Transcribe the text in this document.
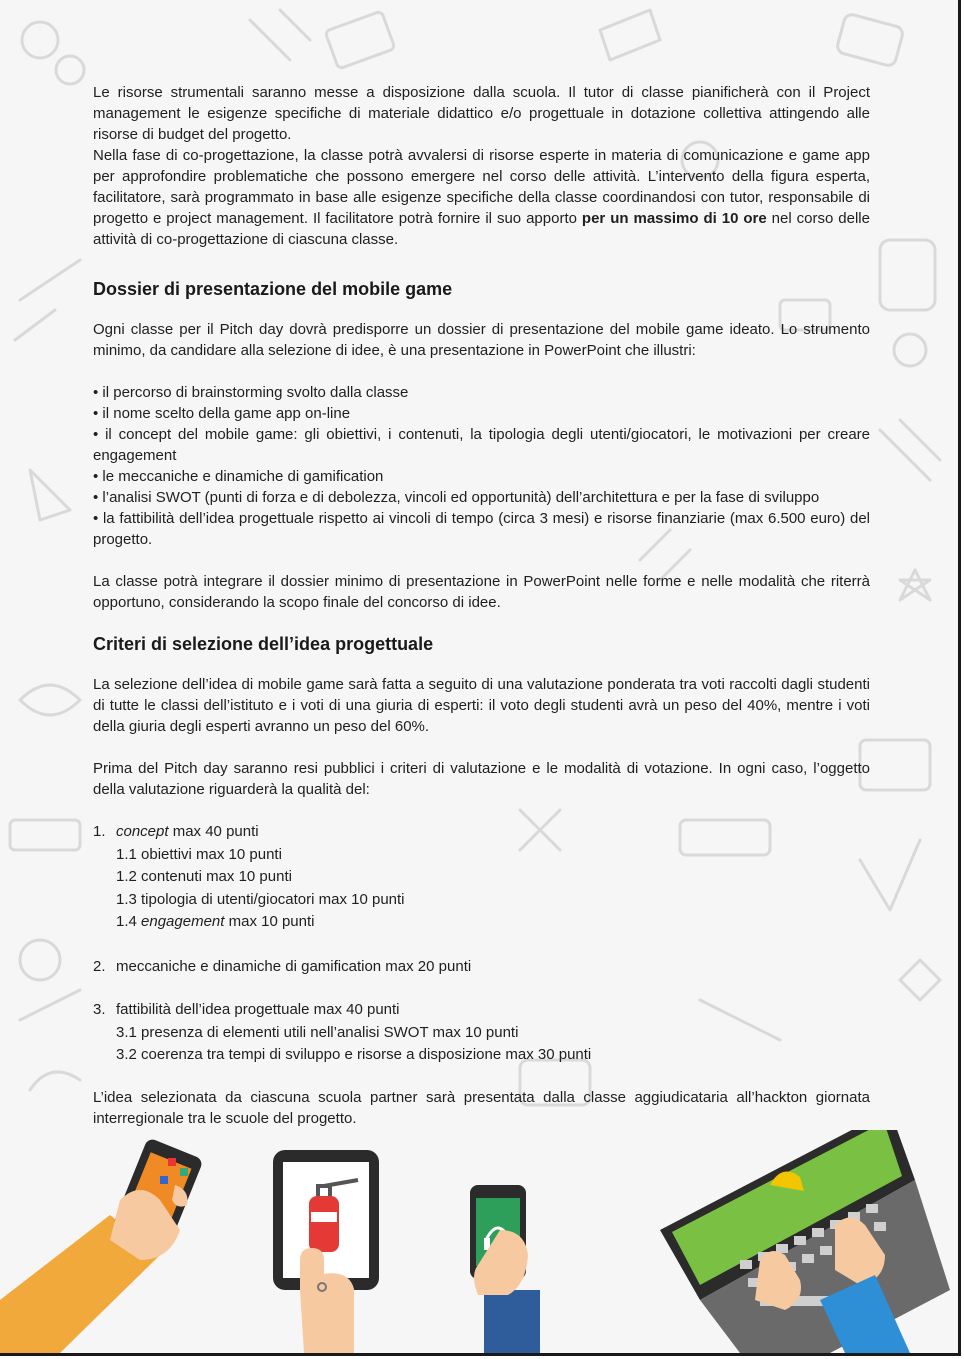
Le risorse strumentali saranno messe a disposizione dalla scuola. Il tutor di classe pianificherà con il Project management le esigenze specifiche di materiale didattico e/o progettuale in dotazione collettiva attingendo alle risorse di budget del progetto.

Nella fase di co-progettazione, la classe potrà avvalersi di risorse esperte in materia di comunicazione e game app per approfondire problematiche che possono emergere nel corso delle attività. L’intervento della figura esperta, facilitatore, sarà programmato in base alle esigenze specifiche della classe coordinandosi con tutor, responsabile di progetto e project management. Il facilitatore potrà fornire il suo apporto per un massimo di 10 ore nel corso delle attività di co-progettazione di ciascuna classe.

Dossier di presentazione del mobile game

Ogni classe per il Pitch day dovrà predisporre un dossier di presentazione del mobile game ideato. Lo strumento minimo, da candidare alla selezione di idee, è una presentazione in PowerPoint che illustri:

• il percorso di brainstorming svolto dalla classe

• il nome scelto della game app on-line

• il concept del mobile game: gli obiettivi, i contenuti, la tipologia degli utenti/giocatori, le motivazioni per creare engagement

• le meccaniche e dinamiche di gamification

• l’analisi SWOT (punti di forza e di debolezza, vincoli ed opportunità) dell’architettura e per la fase di sviluppo

• la fattibilità dell’idea progettuale rispetto ai vincoli di tempo (circa 3 mesi) e risorse finanziarie (max 6.500 euro) del progetto.

La classe potrà integrare il dossier minimo di presentazione in PowerPoint nelle forme e nelle modalità che riterrà opportuno, considerando la scopo finale del concorso di idee.

Criteri di selezione dell’idea progettuale

La selezione dell’idea di mobile game sarà fatta a seguito di una valutazione ponderata tra voti raccolti dagli studenti di tutte le classi dell’istituto e i voti di una giuria di esperti: il voto degli studenti avrà un peso del 40%, mentre i voti della giuria degli esperti avranno un peso del 60%.

Prima del Pitch day saranno resi pubblici i criteri di valutazione e le modalità di votazione. In ogni caso, l’oggetto della valutazione riguarderà la qualità del:

1. concept max 40 punti
1.1 obiettivi max 10 punti
1.2 contenuti max 10 punti
1.3 tipologia di utenti/giocatori max 10 punti
1.4 engagement max 10 punti
2. meccaniche e dinamiche di gamification max 20 punti
3. fattibilità dell’idea progettuale max 40 punti
3.1 presenza di elementi utili nell’analisi SWOT max 10 punti
3.2 coerenza tra tempi di sviluppo e risorse a disposizione max 30 punti

L’idea selezionata da ciascuna scuola partner sarà presentata dalla classe aggiudicataria all’hackton giornata interregionale tra le scuole del progetto.
